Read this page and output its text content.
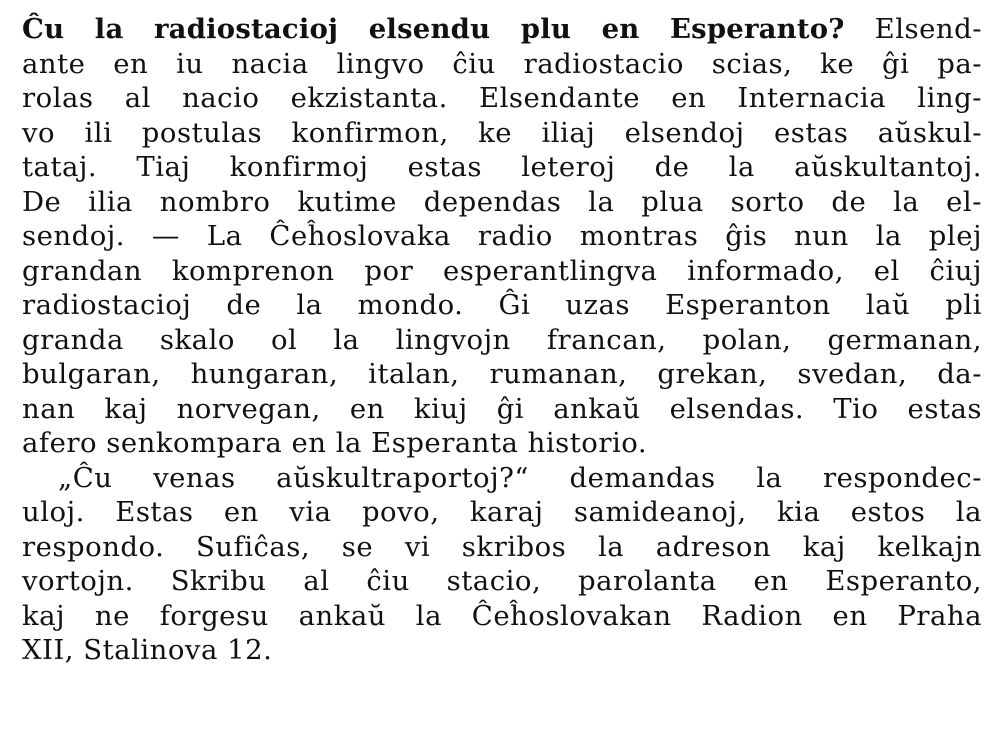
Ĉu la radiostacioj elsendu plu en Esperanto? Elsend-
ante en iu nacia lingvo ĉiu radiostacio scias, ke ĝi pa-
rolas al nacio ekzistanta. Elsendante en Internacia ling-
vo ili postulas konfirmon, ke iliaj elsendoj estas aŭskul-
tataj. Tiaj konfirmoj estas leteroj de la aŭskultantoj.
De ilia nombro kutime dependas la plua sorto de la el-
sendoj. — La Ĉeĥoslovaka radio montras ĝis nun la plej
grandan komprenon por esperantlingva informado, el ĉiuj
radiostacioj de la mondo. Ĝi uzas Esperanton laŭ pli
granda skalo ol la lingvojn francan, polan, germanan,
bulgaran, hungaran, italan, rumanan, grekan, svedan, da-
nan kaj norvegan, en kiuj ĝi ankaŭ elsendas. Tio estas
afero senkompara en la Esperanta historio.
„Ĉu venas aŭskultraportoj?“ demandas la respondec-
uloj. Estas en via povo, karaj samideanoj, kia estos la
respondo. Sufiĉas, se vi skribos la adreson kaj kelkajn
vortojn. Skribu al ĉiu stacio, parolanta en Esperanto,
kaj ne forgesu ankaŭ la Ĉeĥoslovakan Radion en Praha
XII, Stalinova 12.
